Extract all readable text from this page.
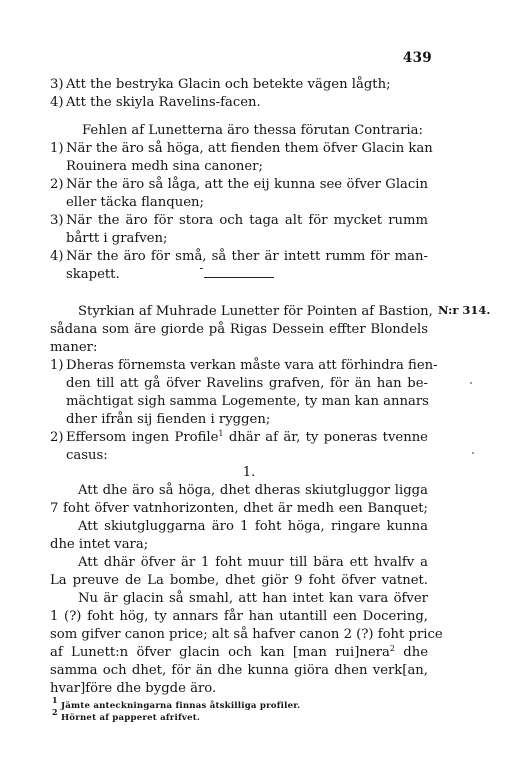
439
3) Att the bestryka Glacin och betekte vägen lågth;
4) Att the skiyla Ravelins-facen.
Fehlen af Lunetterna äro thessa förutan Contraria:
1) När the äro så höga, att fienden them öfver Glacin kan
Rouinera medh sina canoner;
2) När the äro så låga, att the eij kunna see öfver Glacin
eller täcka flanquen;
3) När the äro för stora och taga alt för mycket rumm
bårtt i grafven;
4) När the äro för små, så ther är intett rumm för man-
skapett.
N:r 314.
Styrkian af Muhrade Lunetter för Pointen af Bastion,
sådana som äre giorde på Rigas Dessein effter Blondels
maner:
1) Dheras förnemsta verkan måste vara att förhindra fien-
den till att gå öfver Ravelins grafven, för än han be-
mächtigat sigh samma Logemente, ty man kan annars
dher ifrån sij fienden i ryggen;
2) Effersom ingen Profile$^1$ dhär af är, ty poneras tvenne
casus:
1.
Att dhe äro så höga, dhet dheras skiutgluggor ligga
7 foht öfver vatnhorizonten, dhet är medh een Banquet;
Att skiutgluggarna äro 1 foht höga, ringare kunna
dhe intet vara;
Att dhär öfver är 1 foht muur till bära ett hvalfv a
La preuve de La bombe, dhet giör 9 foht öfver vatnet.
Nu är glacin så smahl, att han intet kan vara öfver
1 (?) foht hög, ty annars får han utantill een Docering,
som gifver canon price; alt så hafver canon 2 (?) foht price
af Lunett:n öfver glacin och kan [man rui]nera$^2$ dhe
samma och dhet, för än dhe kunna giöra dhen verk[an,
hvar]före dhe bygde äro.
$^1$ Jämte anteckningarna finnas åtskilliga profiler.
$^2$ Hörnet af papperet afrifvet.
